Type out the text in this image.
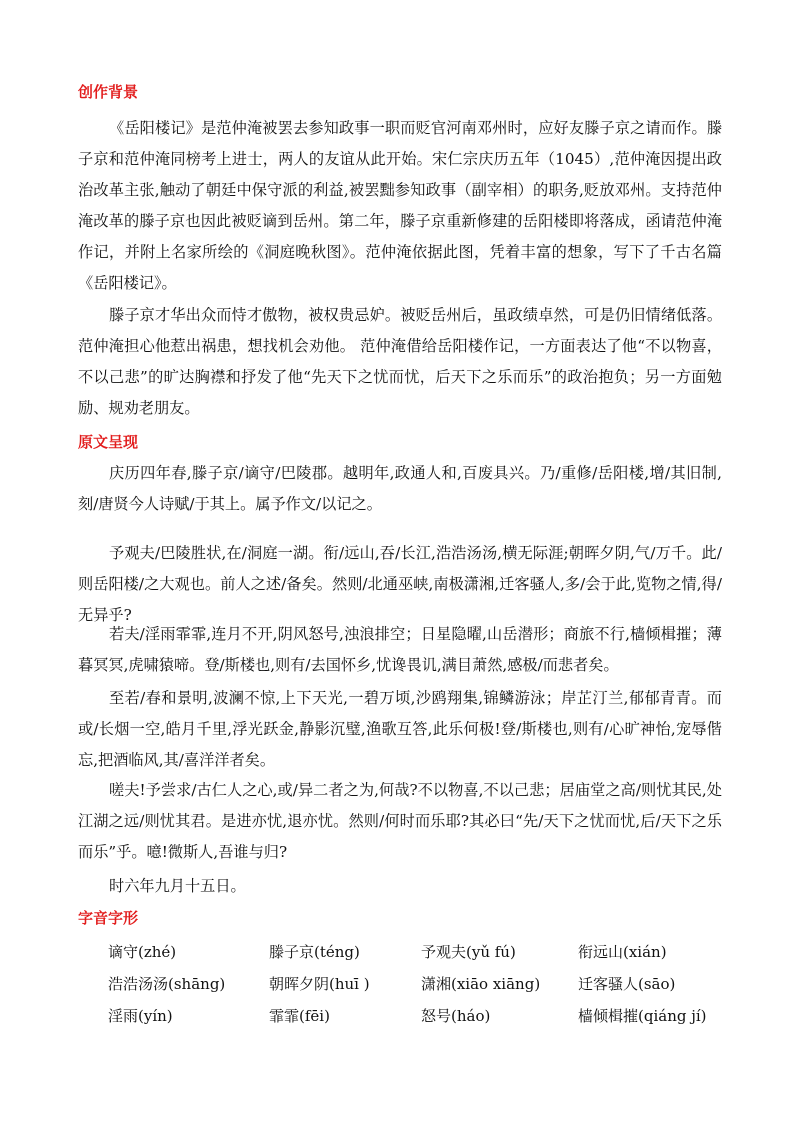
创作背景

《岳阳楼记》是范仲淹被罢去参知政事一职而贬官河南邓州时，应好友滕子京之请而作。滕子京和范仲淹同榜考上进士，两人的友谊从此开始。宋仁宗庆历五年（1045）,范仲淹因提出政治改革主张,触动了朝廷中保守派的利益,被罢黜参知政事（副宰相）的职务,贬放邓州。支持范仲淹改革的滕子京也因此被贬谪到岳州。第二年，滕子京重新修建的岳阳楼即将落成，函请范仲淹作记，并附上名家所绘的《洞庭晚秋图》。范仲淹依据此图，凭着丰富的想象，写下了千古名篇《岳阳楼记》。

滕子京才华出众而恃才傲物，被权贵忌妒。被贬岳州后，虽政绩卓然，可是仍旧情绪低落。范仲淹担心他惹出祸患，想找机会劝他。 范仲淹借给岳阳楼作记，一方面表达了他“不以物喜，不以己悲”的旷达胸襟和抒发了他“先天下之忧而忧，后天下之乐而乐”的政治抱负；另一方面勉励、规劝老朋友。

原文呈现

庆历四年春,滕子京/谪守/巴陵郡。越明年,政通人和,百废具兴。乃/重修/岳阳楼,增/其旧制,刻/唐贤今人诗赋/于其上。属予作文/以记之。

予观夫/巴陵胜状,在/洞庭一湖。衔/远山,吞/长江,浩浩汤汤,横无际涯;朝晖夕阴,气/万千。此/则岳阳楼/之大观也。前人之述/备矣。然则/北通巫峡,南极潇湘,迁客骚人,多/会于此,览物之情,得/无异乎?

若夫/淫雨霏霏,连月不开,阴风怒号,浊浪排空；日星隐曜,山岳潜形；商旅不行,樯倾楫摧；薄暮冥冥,虎啸猿啼。登/斯楼也,则有/去国怀乡,忧谗畏讥,满目萧然,感极/而悲者矣。

至若/春和景明,波澜不惊,上下天光,一碧万顷,沙鸥翔集,锦鳞游泳；岸芷汀兰,郁郁青青。而或/长烟一空,皓月千里,浮光跃金,静影沉璧,渔歌互答,此乐何极!登/斯楼也,则有/心旷神怡,宠辱偕忘,把酒临风,其/喜洋洋者矣。

嗟夫!予尝求/古仁人之心,或/异二者之为,何哉?不以物喜,不以己悲；居庙堂之高/则忧其民,处江湖之远/则忧其君。是进亦忧,退亦忧。然则/何时而乐耶?其必曰“先/天下之忧而忧,后/天下之乐而乐”乎。噫!微斯人,吾谁与归?

时六年九月十五日。

字音字形
谪守(zhé)	滕子京(téng)	予观夫(yǔ fú)	衔远山(xián)
浩浩汤汤(shāng)	朝晖夕阴(huī )	潇湘(xiāo xiāng)	迁客骚人(sāo)
淫雨(yín)	霏霏(fēi)	怒号(háo)	樯倾楫摧(qiáng jí)
